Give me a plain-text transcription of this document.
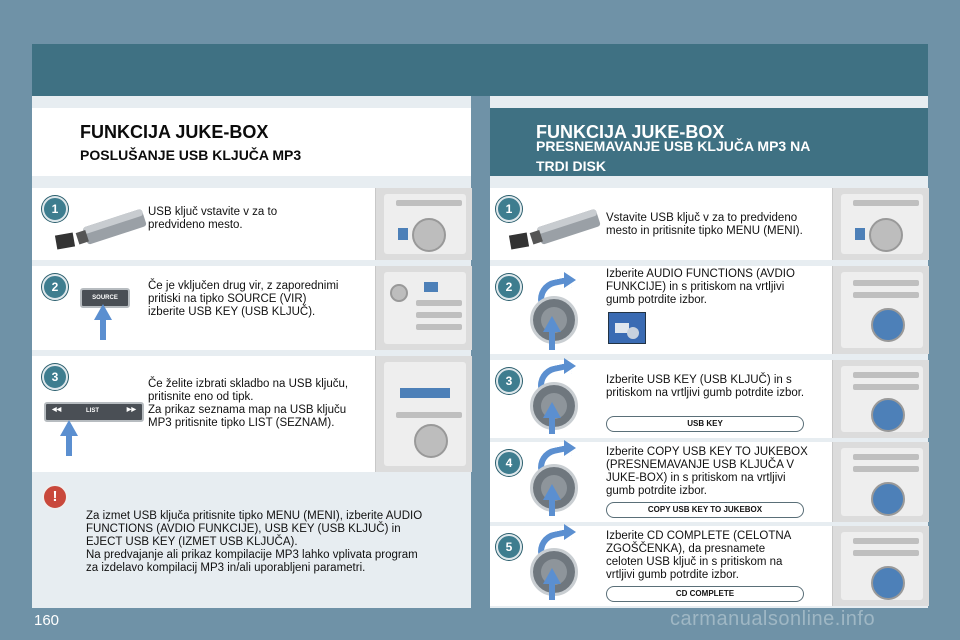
FUNKCIJA JUKE-BOX
POSLUŠANJE USB KLJUČA MP3
1	USB ključ vstavite v za to
predvideno mesto.
2
SOURCE
Če je vključen drug vir, z zaporednimi
pritiski na tipko SOURCE (VIR)
izberite USB KEY (USB KLJUČ).
3
◀◀	LIST	▶▶
Če želite izbrati skladbo na USB ključu,
pritisnite eno od tipk.
Za prikaz seznama map na USB ključu
MP3 pritisnite tipko LIST (SEZNAM).
!
Za izmet USB ključa pritisnite tipko MENU (MENI), izberite AUDIO
FUNCTIONS (AVDIO FUNKCIJE), USB KEY (USB KLJUČ) in
EJECT USB KEY (IZMET USB KLJUČA).
Na predvajanje ali prikaz kompilacije MP3 lahko vplivata program
za izdelavo kompilacij MP3 in/ali uporabljeni parametri.
FUNKCIJA JUKE-BOX
PRESNEMAVANJE USB KLJUČA MP3 NA
TRDI DISK
1
Vstavite USB ključ v za to predvideno
mesto in pritisnite tipko MENU (MENI).
2
Izberite AUDIO FUNCTIONS (AVDIO
FUNKCIJE) in s pritiskom na vrtljivi
gumb potrdite izbor.
3	Izberite USB KEY (USB KLJUČ) in s
pritiskom na vrtljivi gumb potrdite izbor.
USB KEY
4
Izberite COPY USB KEY TO JUKEBOX
(PRESNEMAVANJE USB KLJUČA V
JUKE-BOX) in s pritiskom na vrtljivi
gumb potrdite izbor.
COPY USB KEY TO JUKEBOX
5
Izberite CD COMPLETE (CELOTNA
ZGOŠČENKA), da presnamete
celoten USB ključ in s pritiskom na
vrtljivi gumb potrdite izbor.
CD COMPLETE
160	carmanualsonline.info
